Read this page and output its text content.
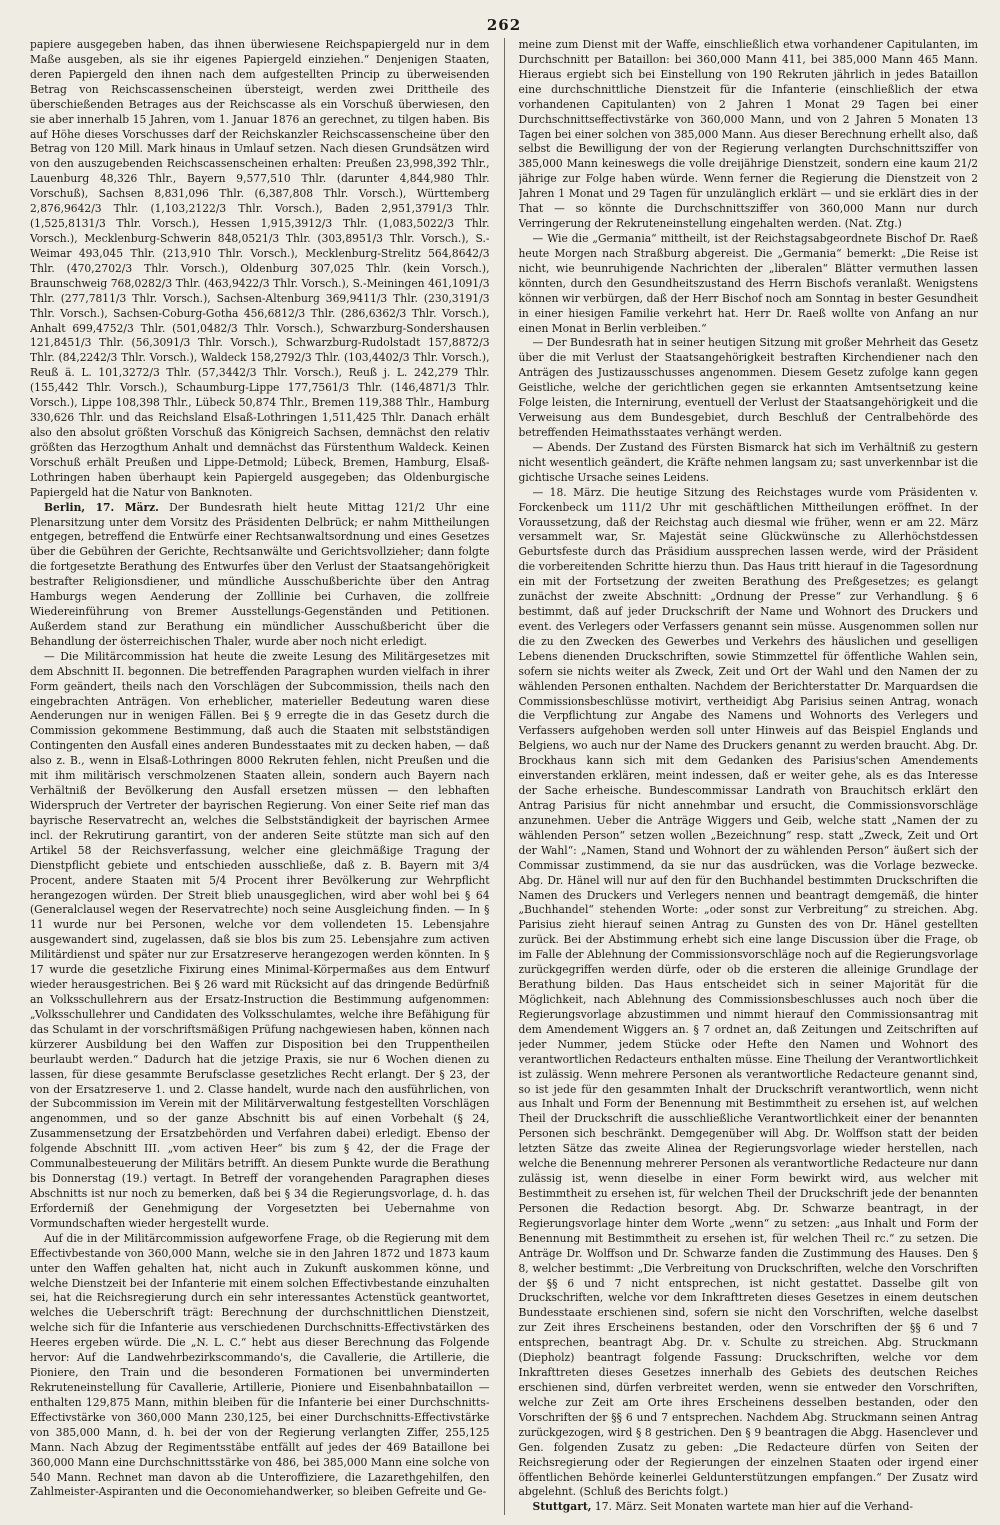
262

papiere ausgegeben haben, das ihnen überwiesene Reichspapiergeld nur in dem Maße ausgeben, als sie ihr eigenes Papiergeld einziehen.“ Denjenigen Staaten, deren Papiergeld den ihnen nach dem aufgestellten Princip zu überweisenden Betrag von Reichscassenscheinen übersteigt, werden zwei Drittheile des überschießenden Betrages aus der Reichscasse als ein Vorschuß überwiesen, den sie aber innerhalb 15 Jahren, vom 1. Januar 1876 an gerechnet, zu tilgen haben. Bis auf Höhe dieses Vorschusses darf der Reichskanzler Reichscassenscheine über den Betrag von 120 Mill. Mark hinaus in Umlauf setzen. Nach diesen Grundsätzen wird von den auszugebenden Reichscassenscheinen erhalten: Preußen 23,998,392 Thlr., Lauenburg 48,326 Thlr., Bayern 9,577,510 Thlr. (darunter 4,844,980 Thlr. Vorschuß), Sachsen 8,831,096 Thlr. (6,387,808 Thlr. Vorsch.), Württemberg 2,876,9642/3 Thlr. (1,103,2122/3 Thlr. Vorsch.), Baden 2,951,3791/3 Thlr. (1,525,8131/3 Thlr. Vorsch.), Hessen 1,915,3912/3 Thlr. (1,083,5022/3 Thlr. Vorsch.), Mecklenburg-Schwerin 848,0521/3 Thlr. (303,8951/3 Thlr. Vorsch.), S.-Weimar 493,045 Thlr. (213,910 Thlr. Vorsch.), Mecklenburg-Strelitz 564,8642/3 Thlr. (470,2702/3 Thlr. Vorsch.), Oldenburg 307,025 Thlr. (kein Vorsch.), Braunschweig 768,0282/3 Thlr. (463,9422/3 Thlr. Vorsch.), S.-Meiningen 461,1091/3 Thlr. (277,7811/3 Thlr. Vorsch.), Sachsen-Altenburg 369,9411/3 Thlr. (230,3191/3 Thlr. Vorsch.), Sachsen-Coburg-Gotha 456,6812/3 Thlr. (286,6362/3 Thlr. Vorsch.), Anhalt 699,4752/3 Thlr. (501,0482/3 Thlr. Vorsch.), Schwarzburg-Sondershausen 121,8451/3 Thlr. (56,3091/3 Thlr. Vorsch.), Schwarzburg-Rudolstadt 157,8872/3 Thlr. (84,2242/3 Thlr. Vorsch.), Waldeck 158,2792/3 Thlr. (103,4402/3 Thlr. Vorsch.), Reuß ä. L. 101,3272/3 Thlr. (57,3442/3 Thlr. Vorsch.), Reuß j. L. 242,279 Thlr. (155,442 Thlr. Vorsch.), Schaumburg-Lippe 177,7561/3 Thlr. (146,4871/3 Thlr. Vorsch.), Lippe 108,398 Thlr., Lübeck 50,874 Thlr., Bremen 119,388 Thlr., Hamburg 330,626 Thlr. und das Reichsland Elsaß-Lothringen 1,511,425 Thlr. Danach erhält also den absolut größten Vorschuß das Königreich Sachsen, demnächst den relativ größten das Herzogthum Anhalt und demnächst das Fürstenthum Waldeck. Keinen Vorschuß erhält Preußen und Lippe-Detmold; Lübeck, Bremen, Hamburg, Elsaß-Lothringen haben überhaupt kein Papiergeld ausgegeben; das Oldenburgische Papiergeld hat die Natur von Banknoten.

Berlin, 17. März. Der Bundesrath hielt heute Mittag 121/2 Uhr eine Plenarsitzung unter dem Vorsitz des Präsidenten Delbrück; er nahm Mittheilungen entgegen, betreffend die Entwürfe einer Rechtsanwaltsordnung und eines Gesetzes über die Gebühren der Gerichte, Rechtsanwälte und Gerichtsvollzieher; dann folgte die fortgesetzte Berathung des Entwurfes über den Verlust der Staatsangehörigkeit bestrafter Religionsdiener, und mündliche Ausschußberichte über den Antrag Hamburgs wegen Aenderung der Zolllinie bei Curhaven, die zollfreie Wiedereinführung von Bremer Ausstellungs-Gegenständen und Petitionen. Außerdem stand zur Berathung ein mündlicher Ausschußbericht über die Behandlung der österreichischen Thaler, wurde aber noch nicht erledigt.

— Die Militärcommission hat heute die zweite Lesung des Militärgesetzes mit dem Abschnitt II. begonnen. Die betreffenden Paragraphen wurden vielfach in ihrer Form geändert, theils nach den Vorschlägen der Subcommission, theils nach den eingebrachten Anträgen. Von erheblicher, materieller Bedeutung waren diese Aenderungen nur in wenigen Fällen. Bei § 9 erregte die in das Gesetz durch die Commission gekommene Bestimmung, daß auch die Staaten mit selbstständigen Contingenten den Ausfall eines anderen Bundesstaates mit zu decken haben, — daß also z. B., wenn in Elsaß-Lothringen 8000 Rekruten fehlen, nicht Preußen und die mit ihm militärisch verschmolzenen Staaten allein, sondern auch Bayern nach Verhältniß der Bevölkerung den Ausfall ersetzen müssen — den lebhaften Widerspruch der Vertreter der bayrischen Regierung. Von einer Seite rief man das bayrische Reservatrecht an, welches die Selbstständigkeit der bayrischen Armee incl. der Rekrutirung garantirt, von der anderen Seite stützte man sich auf den Artikel 58 der Reichsverfassung, welcher eine gleichmäßige Tragung der Dienstpflicht gebiete und entschieden ausschließe, daß z. B. Bayern mit 3/4 Procent, andere Staaten mit 5/4 Procent ihrer Bevölkerung zur Wehrpflicht herangezogen würden. Der Streit blieb unausgeglichen, wird aber wohl bei § 64 (Generalclausel wegen der Reservatrechte) noch seine Ausgleichung finden. — In § 11 wurde nur bei Personen, welche vor dem vollendeten 15. Lebensjahre ausgewandert sind, zugelassen, daß sie blos bis zum 25. Lebensjahre zum activen Militärdienst und später nur zur Ersatzreserve herangezogen werden könnten. In § 17 wurde die gesetzliche Fixirung eines Minimal-Körpermaßes aus dem Entwurf wieder herausgestrichen. Bei § 26 ward mit Rücksicht auf das dringende Bedürfniß an Volksschullehrern aus der Ersatz-Instruction die Bestimmung aufgenommen: „Volksschullehrer und Candidaten des Volksschulamtes, welche ihre Befähigung für das Schulamt in der vorschriftsmäßigen Prüfung nachgewiesen haben, können nach kürzerer Ausbildung bei den Waffen zur Disposition bei den Truppentheilen beurlaubt werden.“ Dadurch hat die jetzige Praxis, sie nur 6 Wochen dienen zu lassen, für diese gesammte Berufsclasse gesetzliches Recht erlangt. Der § 23, der von der Ersatzreserve 1. und 2. Classe handelt, wurde nach den ausführlichen, von der Subcommission im Verein mit der Militärverwaltung festgestellten Vorschlägen angenommen, und so der ganze Abschnitt bis auf einen Vorbehalt (§ 24, Zusammensetzung der Ersatzbehörden und Verfahren dabei) erledigt. Ebenso der folgende Abschnitt III. „vom activen Heer“ bis zum § 42, der die Frage der Communalbesteuerung der Militärs betrifft. An diesem Punkte wurde die Berathung bis Donnerstag (19.) vertagt. In Betreff der vorangehenden Paragraphen dieses Abschnitts ist nur noch zu bemerken, daß bei § 34 die Regierungsvorlage, d. h. das Erforderniß der Genehmigung der Vorgesetzten bei Uebernahme von Vormundschaften wieder hergestellt wurde.

Auf die in der Militärcommission aufgeworfene Frage, ob die Regierung mit dem Effectivbestande von 360,000 Mann, welche sie in den Jahren 1872 und 1873 kaum unter den Waffen gehalten hat, nicht auch in Zukunft auskommen könne, und welche Dienstzeit bei der Infanterie mit einem solchen Effectivbestande einzuhalten sei, hat die Reichsregierung durch ein sehr interessantes Actenstück geantwortet, welches die Ueberschrift trägt: Berechnung der durchschnittlichen Dienstzeit, welche sich für die Infanterie aus verschiedenen Durchschnitts-Effectivstärken des Heeres ergeben würde. Die „N. L. C.“ hebt aus dieser Berechnung das Folgende hervor: Auf die Landwehrbezirkscommando's, die Cavallerie, die Artillerie, die Pioniere, den Train und die besonderen Formationen bei unverminderten Rekruteneinstellung für Cavallerie, Artillerie, Pioniere und Eisenbahnbataillon — enthalten 129,875 Mann, mithin bleiben für die Infanterie bei einer Durchschnitts-Effectivstärke von 360,000 Mann 230,125, bei einer Durchschnitts-Effectivstärke von 385,000 Mann, d. h. bei der von der Regierung verlangten Ziffer, 255,125 Mann. Nach Abzug der Regimentsstäbe entfällt auf jedes der 469 Bataillone bei 360,000 Mann eine Durchschnittsstärke von 486, bei 385,000 Mann eine solche von 540 Mann. Rechnet man davon ab die Unteroffiziere, die Lazarethgehilfen, den Zahlmeister-Aspiranten und die Oeconomiehandwerker, so bleiben Gefreite und Ge-

meine zum Dienst mit der Waffe, einschließlich etwa vorhandener Capitulanten, im Durchschnitt per Bataillon: bei 360,000 Mann 411, bei 385,000 Mann 465 Mann. Hieraus ergiebt sich bei Einstellung von 190 Rekruten jährlich in jedes Bataillon eine durchschnittliche Dienstzeit für die Infanterie (einschließlich der etwa vorhandenen Capitulanten) von 2 Jahren 1 Monat 29 Tagen bei einer Durchschnittseffectivstärke von 360,000 Mann, und von 2 Jahren 5 Monaten 13 Tagen bei einer solchen von 385,000 Mann. Aus dieser Berechnung erhellt also, daß selbst die Bewilligung der von der Regierung verlangten Durchschnittsziffer von 385,000 Mann keineswegs die volle dreijährige Dienstzeit, sondern eine kaum 21/2 jährige zur Folge haben würde. Wenn ferner die Regierung die Dienstzeit von 2 Jahren 1 Monat und 29 Tagen für unzulänglich erklärt — und sie erklärt dies in der That — so könnte die Durchschnittsziffer von 360,000 Mann nur durch Verringerung der Rekruteneinstellung eingehalten werden. (Nat. Ztg.)

— Wie die „Germania“ mittheilt, ist der Reichstagsabgeordnete Bischof Dr. Raeß heute Morgen nach Straßburg abgereist. Die „Germania“ bemerkt: „Die Reise ist nicht, wie beunruhigende Nachrichten der „liberalen“ Blätter vermuthen lassen könnten, durch den Gesundheitszustand des Herrn Bischofs veranlaßt. Wenigstens können wir verbürgen, daß der Herr Bischof noch am Sonntag in bester Gesundheit in einer hiesigen Familie verkehrt hat. Herr Dr. Raeß wollte von Anfang an nur einen Monat in Berlin verbleiben.“

— Der Bundesrath hat in seiner heutigen Sitzung mit großer Mehrheit das Gesetz über die mit Verlust der Staatsangehörigkeit bestraften Kirchendiener nach den Anträgen des Justizausschusses angenommen. Diesem Gesetz zufolge kann gegen Geistliche, welche der gerichtlichen gegen sie erkannten Amtsentsetzung keine Folge leisten, die Internirung, eventuell der Verlust der Staatsangehörigkeit und die Verweisung aus dem Bundesgebiet, durch Beschluß der Centralbehörde des betreffenden Heimathsstaates verhängt werden.

— Abends. Der Zustand des Fürsten Bismarck hat sich im Verhältniß zu gestern nicht wesentlich geändert, die Kräfte nehmen langsam zu; sast unverkennbar ist die gichtische Ursache seines Leidens.

— 18. März. Die heutige Sitzung des Reichstages wurde vom Präsidenten v. Forckenbeck um 111/2 Uhr mit geschäftlichen Mittheilungen eröffnet. In der Voraussetzung, daß der Reichstag auch diesmal wie früher, wenn er am 22. März versammelt war, Sr. Majestät seine Glückwünsche zu Allerhöchstdessen Geburtsfeste durch das Präsidium aussprechen lassen werde, wird der Präsident die vorbereitenden Schritte hierzu thun. Das Haus tritt hierauf in die Tagesordnung ein mit der Fortsetzung der zweiten Berathung des Preßgesetzes; es gelangt zunächst der zweite Abschnitt: „Ordnung der Presse“ zur Verhandlung. § 6 bestimmt, daß auf jeder Druckschrift der Name und Wohnort des Druckers und event. des Verlegers oder Verfassers genannt sein müsse. Ausgenommen sollen nur die zu den Zwecken des Gewerbes und Verkehrs des häuslichen und geselligen Lebens dienenden Druckschriften, sowie Stimmzettel für öffentliche Wahlen sein, sofern sie nichts weiter als Zweck, Zeit und Ort der Wahl und den Namen der zu wählenden Personen enthalten. Nachdem der Berichterstatter Dr. Marquardsen die Commissionsbeschlüsse motivirt, vertheidigt Abg Parisius seinen Antrag, wonach die Verpflichtung zur Angabe des Namens und Wohnorts des Verlegers und Verfassers aufgehoben werden soll unter Hinweis auf das Beispiel Englands und Belgiens, wo auch nur der Name des Druckers genannt zu werden braucht. Abg. Dr. Brockhaus kann sich mit dem Gedanken des Parisius'schen Amendements einverstanden erklären, meint indessen, daß er weiter gehe, als es das Interesse der Sache erheische. Bundescommissar Landrath von Brauchitsch erklärt den Antrag Parisius für nicht annehmbar und ersucht, die Commissionsvorschläge anzunehmen. Ueber die Anträge Wiggers und Geib, welche statt „Namen der zu wählenden Person“ setzen wollen „Bezeichnung“ resp. statt „Zweck, Zeit und Ort der Wahl“: „Namen, Stand und Wohnort der zu wählenden Person“ äußert sich der Commissar zustimmend, da sie nur das ausdrücken, was die Vorlage bezwecke. Abg. Dr. Hänel will nur auf den für den Buchhandel bestimmten Druckschriften die Namen des Druckers und Verlegers nennen und beantragt demgemäß, die hinter „Buchhandel“ stehenden Worte: „oder sonst zur Verbreitung“ zu streichen. Abg. Parisius zieht hierauf seinen Antrag zu Gunsten des von Dr. Hänel gestellten zurück. Bei der Abstimmung erhebt sich eine lange Discussion über die Frage, ob im Falle der Ablehnung der Commissionsvorschläge noch auf die Regierungsvorlage zurückgegriffen werden dürfe, oder ob die ersteren die alleinige Grundlage der Berathung bilden. Das Haus entscheidet sich in seiner Majorität für die Möglichkeit, nach Ablehnung des Commissionsbeschlusses auch noch über die Regierungsvorlage abzustimmen und nimmt hierauf den Commissionsantrag mit dem Amendement Wiggers an. § 7 ordnet an, daß Zeitungen und Zeitschriften auf jeder Nummer, jedem Stücke oder Hefte den Namen und Wohnort des verantwortlichen Redacteurs enthalten müsse. Eine Theilung der Verantwortlichkeit ist zulässig. Wenn mehrere Personen als verantwortliche Redacteure genannt sind, so ist jede für den gesammten Inhalt der Druckschrift verantwortlich, wenn nicht aus Inhalt und Form der Benennung mit Bestimmtheit zu ersehen ist, auf welchen Theil der Druckschrift die ausschließliche Verantwortlichkeit einer der benannten Personen sich beschränkt. Demgegenüber will Abg. Dr. Wolffson statt der beiden letzten Sätze das zweite Alinea der Regierungsvorlage wieder herstellen, nach welche die Benennung mehrerer Personen als verantwortliche Redacteure nur dann zulässig ist, wenn dieselbe in einer Form bewirkt wird, aus welcher mit Bestimmtheit zu ersehen ist, für welchen Theil der Druckschrift jede der benannten Personen die Redaction besorgt. Abg. Dr. Schwarze beantragt, in der Regierungsvorlage hinter dem Worte „wenn“ zu setzen: „aus Inhalt und Form der Benennung mit Bestimmtheit zu ersehen ist, für welchen Theil rc.“ zu setzen. Die Anträge Dr. Wolffson und Dr. Schwarze fanden die Zustimmung des Hauses. Den § 8, welcher bestimmt: „Die Verbreitung von Druckschriften, welche den Vorschriften der §§ 6 und 7 nicht entsprechen, ist nicht gestattet. Dasselbe gilt von Druckschriften, welche vor dem Inkrafttreten dieses Gesetzes in einem deutschen Bundesstaate erschienen sind, sofern sie nicht den Vorschriften, welche daselbst zur Zeit ihres Erscheinens bestanden, oder den Vorschriften der §§ 6 und 7 entsprechen, beantragt Abg. Dr. v. Schulte zu streichen. Abg. Struckmann (Diepholz) beantragt folgende Fassung: Druckschriften, welche vor dem Inkrafttreten dieses Gesetzes innerhalb des Gebiets des deutschen Reiches erschienen sind, dürfen verbreitet werden, wenn sie entweder den Vorschriften, welche zur Zeit am Orte ihres Erscheinens desselben bestanden, oder den Vorschriften der §§ 6 und 7 entsprechen. Nachdem Abg. Struckmann seinen Antrag zurückgezogen, wird § 8 gestrichen. Den § 9 beantragen die Abgg. Hasenclever und Gen. folgenden Zusatz zu geben: „Die Redacteure dürfen von Seiten der Reichsregierung oder der Regierungen der einzelnen Staaten oder irgend einer öffentlichen Behörde keinerlei Geldunterstützungen empfangen.“ Der Zusatz wird abgelehnt. (Schluß des Berichts folgt.)

Stuttgart, 17. März. Seit Monaten wartete man hier auf die Verhand-
